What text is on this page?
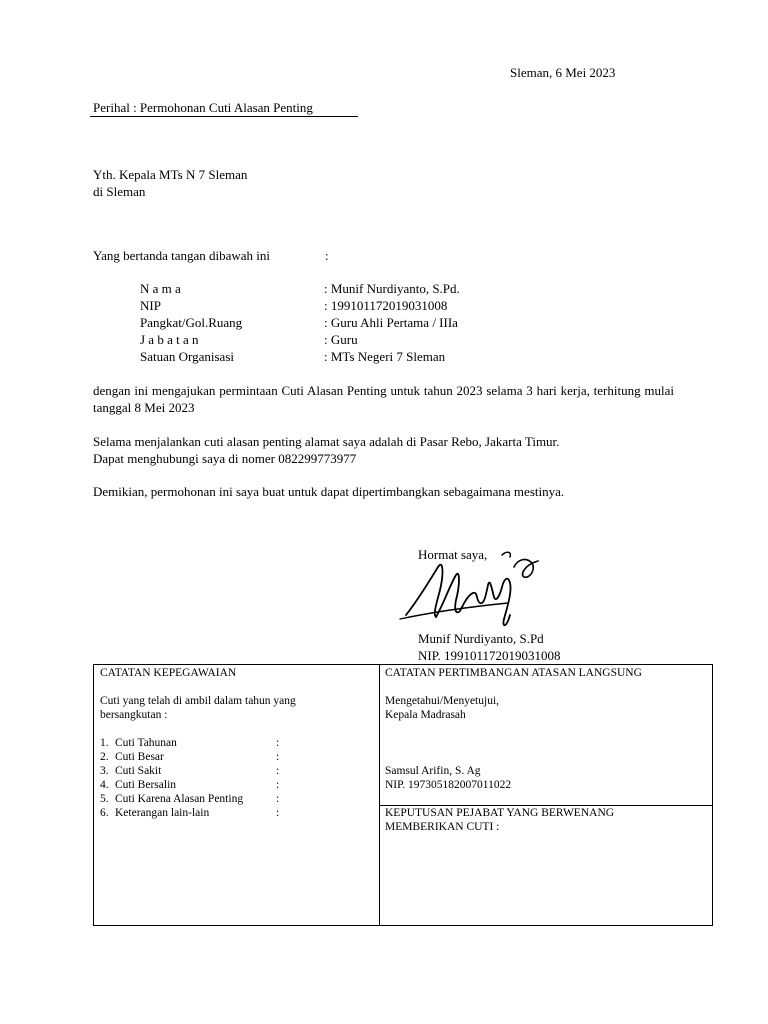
Sleman, 6 Mei 2023
Perihal : Permohonan Cuti Alasan Penting
Yth. Kepala MTs N 7 Sleman
di Sleman
Yang bertanda tangan dibawah ini	:
N a m a	: Munif Nurdiyanto, S.Pd.
NIP	: 199101172019031008
Pangkat/Gol.Ruang	: Guru Ahli Pertama / IIIa
J a b a t a n	: Guru
Satuan Organisasi	: MTs Negeri 7 Sleman
dengan ini mengajukan permintaan Cuti Alasan Penting untuk tahun 2023 selama 3 hari kerja, terhitung mulai tanggal 8 Mei 2023
Selama menjalankan cuti alasan penting alamat saya adalah di Pasar Rebo, Jakarta Timur.
Dapat menghubungi saya di nomer 082299773977
Demikian, permohonan ini saya buat untuk dapat dipertimbangkan sebagaimana mestinya.
Hormat saya,
Munif Nurdiyanto, S.Pd
NIP. 199101172019031008
CATATAN KEPEGAWAIAN
Cuti yang telah di ambil dalam tahun yang
bersangkutan :
1. Cuti Tahunan	:
2. Cuti Besar	:
3. Cuti Sakit	:
4. Cuti Bersalin	:
5. Cuti Karena Alasan Penting	:
6. Keterangan lain-lain	:
CATATAN PERTIMBANGAN ATASAN LANGSUNG
Mengetahui/Menyetujui,
Kepala Madrasah
Samsul Arifin, S. Ag
NIP. 197305182007011022
KEPUTUSAN PEJABAT YANG BERWENANG
MEMBERIKAN CUTI :
